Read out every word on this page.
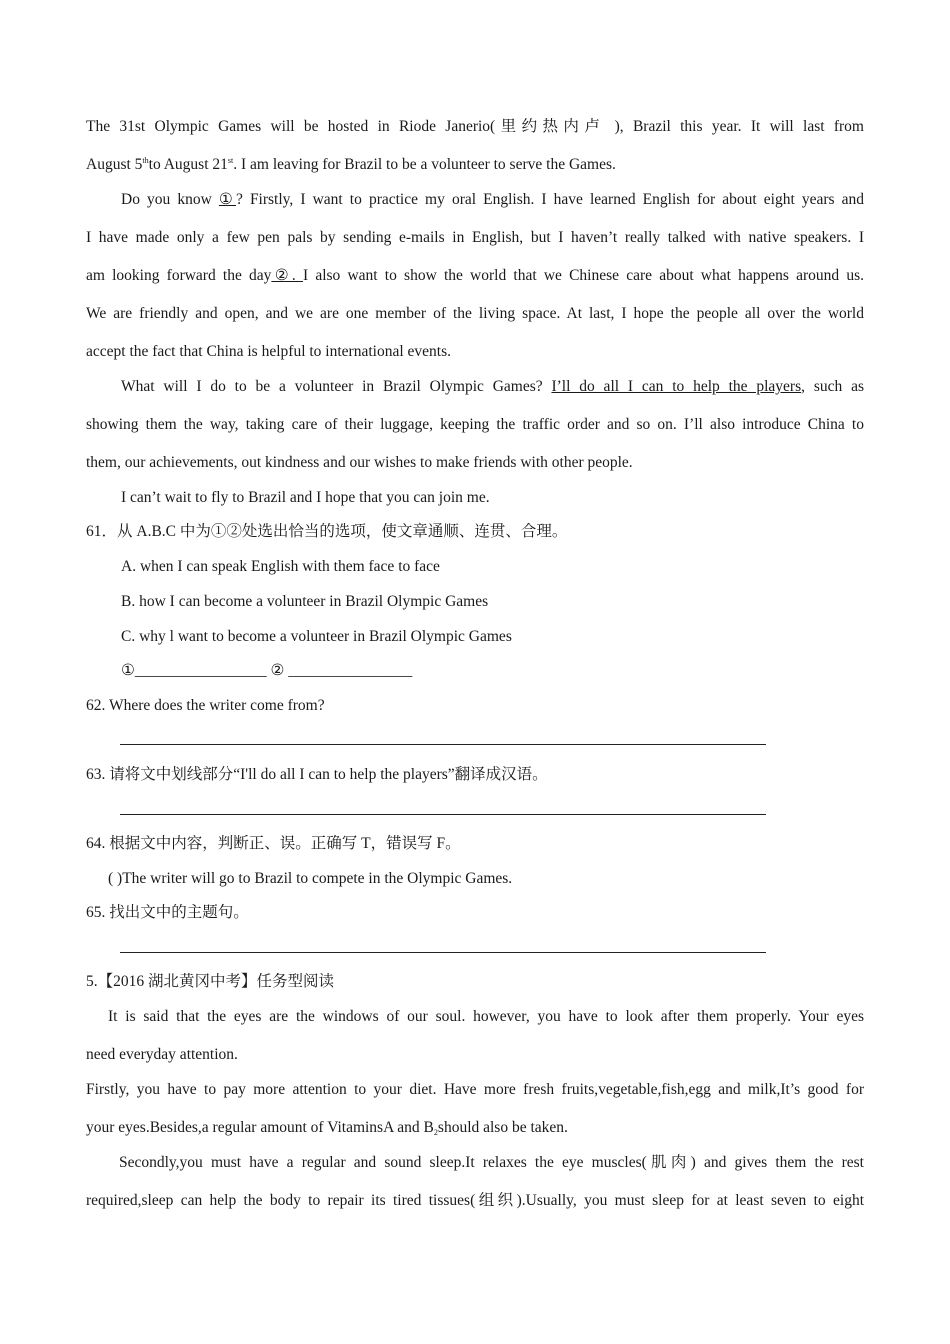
The 31st Olympic Games will be hosted in Riode Janerio(里约热内卢 ), Brazil this year. It will last from
August 5thto August 21st. I am leaving for Brazil to be a volunteer to serve the Games.
Do you know ①? Firstly, I want to practice my oral English. I have learned English for about eight years and
I have made only a few pen pals by sending e-mails in English, but I haven’t really talked with native speakers. I
am looking forward the day②. I also want to show the world that we Chinese care about what happens around us.
We are friendly and open, and we are one member of the living space. At last, I hope the people all over the world
accept the fact that China is helpful to international events.
What will I do to be a volunteer in Brazil Olympic Games? I’ll do all I can to help the players, such as
showing them the way, taking care of their luggage, keeping the traffic order and so on. I’ll also introduce China to
them, our achievements, out kindness and our wishes to make friends with other people.
I can’t wait to fly to Brazil and I hope that you can join me.
61．从 A.B.C 中为①②处选出恰当的选项，使文章通顺、连贯、合理。
A. when I can speak English with them face to face
B. how I can become a volunteer in Brazil Olympic Games
C. why l want to become a volunteer in Brazil Olympic Games
①_________________ ② ________________
62. Where does the writer come from?
63. 请将文中划线部分“I'll do all I can to help the players”翻译成汉语。
64. 根据文中内容，判断正、误。正确写 T，错误写 F。
( )The writer will go to Brazil to compete in the Olympic Games.
65. 找出文中的主题句。
5.【2016 湖北黄冈中考】任务型阅读
It is said that the eyes are the windows of our soul. however, you have to look after them properly. Your eyes
need everyday attention.
Firstly, you have to pay more attention to your diet. Have more fresh fruits,vegetable,fish,egg and milk,It’s good for
your eyes.Besides,a regular amount of VitaminsA and $B_2should$ also be taken.
Secondly,you must have a regular and sound sleep.It relaxes the eye muscles(肌肉) and gives them the rest
required,sleep can help the body to repair its tired tissues(组织).Usually, you must sleep for at least seven to eight
